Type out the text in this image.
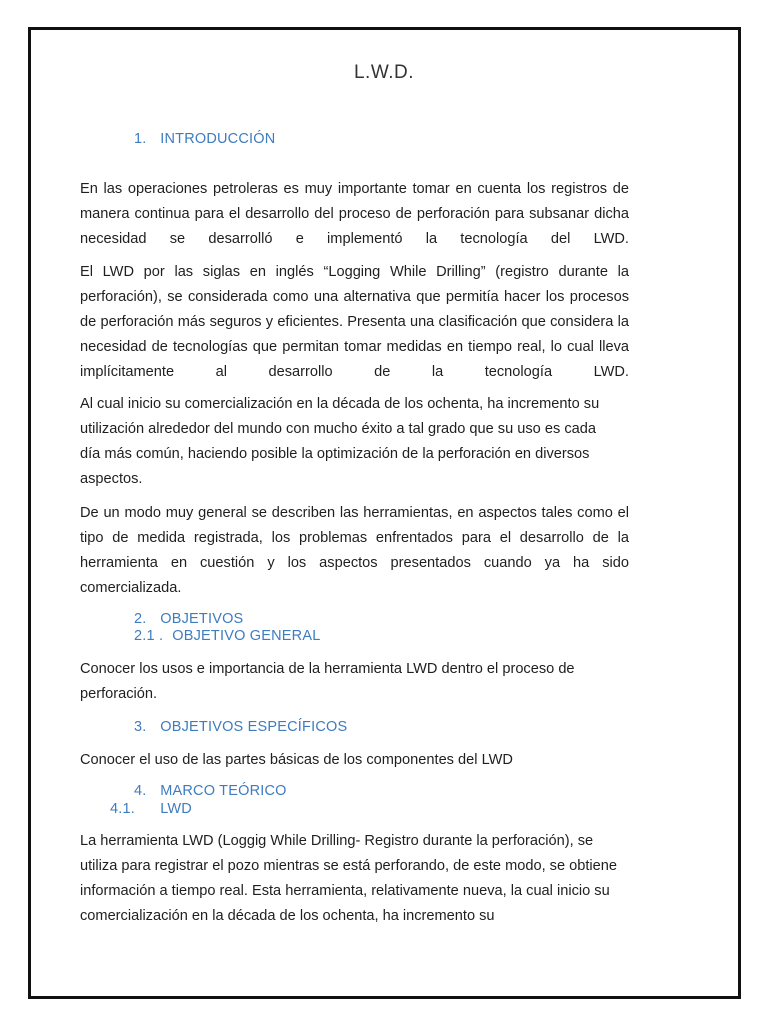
L.W.D.
1. INTRODUCCIÓN
En las operaciones petroleras es muy importante tomar en cuenta los registros de manera continua para el desarrollo del proceso de perforación para subsanar dicha necesidad se desarrolló e implementó la tecnología del LWD.
El LWD por las siglas en inglés “Logging While Drilling” (registro durante la perforación), se considerada como una alternativa que permitía hacer los procesos de perforación más seguros y eficientes. Presenta una clasificación que considera la necesidad de tecnologías que permitan tomar medidas en tiempo real, lo cual lleva implícitamente al desarrollo de la tecnología LWD.
Al cual inicio su comercialización en la década de los ochenta, ha incremento su utilización alrededor del mundo con mucho éxito a tal grado que su uso es cada día más común, haciendo posible la optimización de la perforación en diversos aspectos.
De un modo muy general se describen las herramientas, en aspectos tales como el tipo de medida registrada, los problemas enfrentados para el desarrollo de la herramienta en cuestión y los aspectos presentados cuando ya ha sido comercializada.
2. OBJETIVOS
2.1 . OBJETIVO GENERAL
Conocer los usos e importancia de la herramienta LWD dentro el proceso de perforación.
3. OBJETIVOS ESPECÍFICOS
Conocer el uso de las partes básicas de los componentes del LWD
4. MARCO TEÓRICO
4.1. LWD
La herramienta LWD (Loggig While Drilling- Registro durante la perforación), se utiliza para registrar el pozo mientras se está perforando, de este modo, se obtiene información a tiempo real. Esta herramienta, relativamente nueva, la cual inicio su comercialización en la década de los ochenta, ha incremento su
